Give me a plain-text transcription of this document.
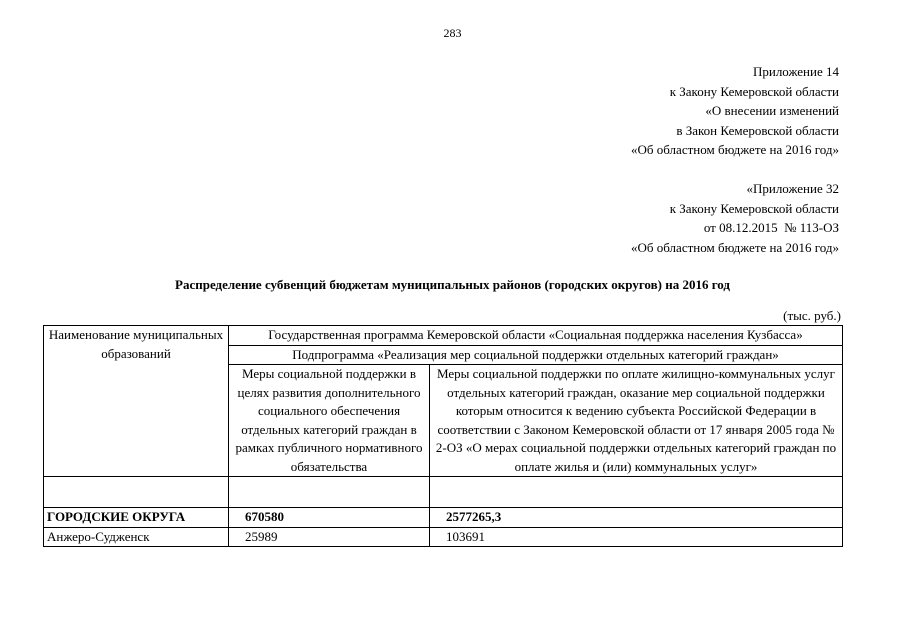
283
Приложение 14
к Закону Кемеровской области
«О внесении изменений
в Закон Кемеровской области
«Об областном бюджете на 2016 год»
«Приложение 32
к Закону Кемеровской области
от 08.12.2015  № 113-ОЗ
«Об областном бюджете на 2016 год»
Распределение субвенций бюджетам муниципальных районов (городских округов) на 2016 год
(тыс. руб.)
Наименование муниципальных образований	Государственная программа Кемеровской области «Социальная поддержка населения Кузбасса»	
	Подпрограмма «Реализация мер социальной поддержки отдельных категорий граждан»	
	Меры социальной поддержки в целях развития дополнительного социального обеспечения отдельных категорий граждан в рамках публичного нормативного обязательства	Меры социальной поддержки по оплате жилищно-коммунальных услуг отдельных категорий граждан, оказание мер социальной поддержки которым относится к ведению субъекта Российской Федерации в соответствии с Законом Кемеровской области от 17 января 2005 года № 2-ОЗ «О мерах социальной поддержки отдельных категорий граждан по оплате жилья и (или) коммунальных услуг»

ГОРОДСКИЕ ОКРУГА	670580	2577265,3
Анжеро-Судженск	25989	103691
